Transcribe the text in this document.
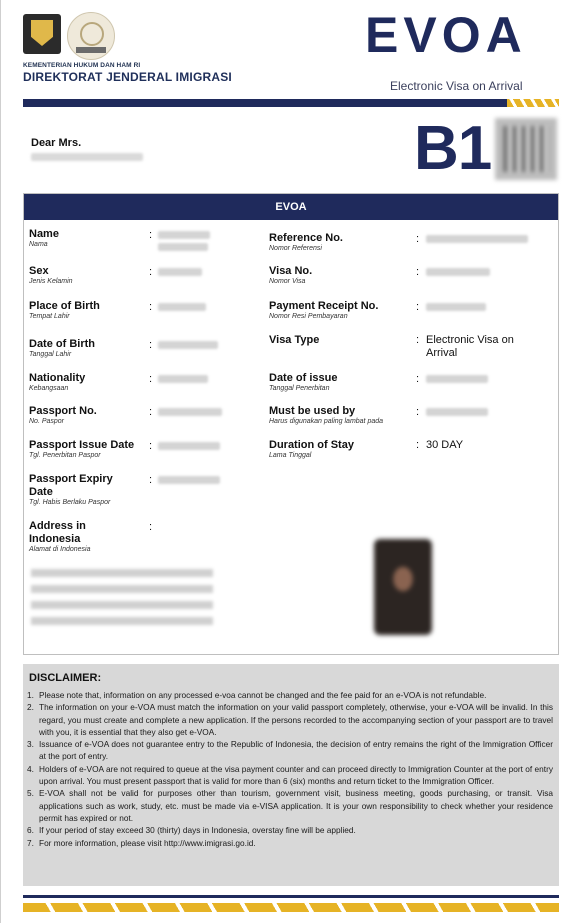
KEMENTERIAN HUKUM DAN HAM RI
DIREKTORAT JENDERAL IMIGRASI
EVOA
Electronic Visa on Arrival
Dear Mrs.	B1
EVOA
Name
Nama
:
Sex
Jenis Kelamin
:
Place of Birth
Tempat Lahir
:
Date of Birth
Tanggal Lahir
:
Nationality
Kebangsaan
:
Passport No.
No. Paspor
:
Passport Issue Date
Tgl. Penerbitan Paspor
:
Passport Expiry Date
Tgl. Habis Berlaku Paspor
:
Address in Indonesia
Alamat di Indonesia
:
Reference No.
Nomor Referensi
:
Visa No.
Nomor Visa
:
Payment Receipt No.
Nomor Resi Pembayaran
:
Visa Type	: Electronic Visa on Arrival
Date of issue
Tanggal Penerbitan
:
Must be used by
Harus digunakan paling lambat pada
:
Duration of Stay
Lama Tinggal
: 30 DAY
DISCLAIMER:
1. Please note that, information on any processed e-voa cannot be changed and the fee paid for an e-VOA is not refundable.
2. The information on your e-VOA must match the information on your valid passport completely, otherwise, your e-VOA will be invalid. In this regard, you must create and complete a new application. If the persons recorded to the accompanying section of your passport are to travel with you, it is essential that they also get e-VOA.
3. Issuance of e-VOA does not guarantee entry to the Republic of Indonesia, the decision of entry remains the right of the Immigration Officer at the port of entry.
4. Holders of e-VOA are not required to queue at the visa payment counter and can proceed directly to Immigration Counter at the port of entry upon arrival. You must present passport that is valid for more than 6 (six) months and return ticket to the Immigration Officer.
5. E-VOA shall not be valid for purposes other than tourism, government visit, business meeting, goods purchasing, or transit. Visa applications such as work, study, etc. must be made via e-VISA application. It is your own responsibility to check whether your residence permit has expired or not.
6. If your period of stay exceed 30 (thirty) days in Indonesia, overstay fine will be applied.
7. For more information, please visit http://www.imigrasi.go.id.
